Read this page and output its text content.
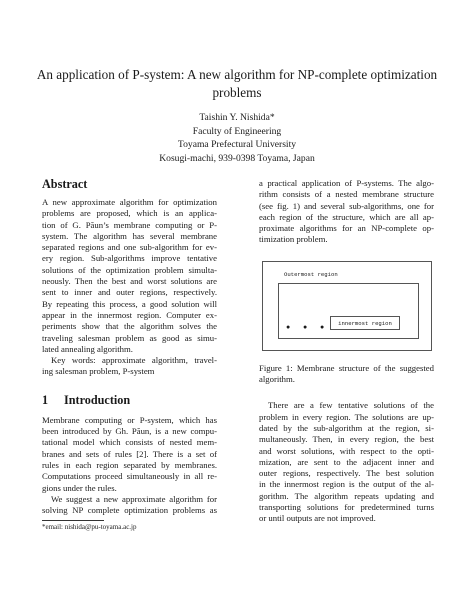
An application of P-system: A new algorithm for NP-complete optimization
problems
Taishin Y. Nishida*
Faculty of Engineering
Toyama Prefectural University
Kosugi-machi, 939-0398 Toyama, Japan
Abstract
A new approximate algorithm for optimization
problems are proposed, which is an applica-
tion of G. Păun’s membrane computing or P-
system. The algorithm has several membrane
separated regions and one sub-algorithm for ev-
ery region. Sub-algorithms improve tentative
solutions of the optimization problem simulta-
neously. Then the best and worst solutions are
sent to inner and outer regions, respectively.
By repeating this process, a good solution will
appear in the innermost region. Computer ex-
periments show that the algorithm solves the
traveling salesman problem as good as simu-
lated annealing algorithm.
Key words: approximate algorithm, travel-
ing salesman problem, P-system
1 Introduction
Membrane computing or P-system, which has
been introduced by Gh. Păun, is a new compu-
tational model which consists of nested mem-
branes and sets of rules [2]. There is a set of
rules in each region separated by membranes.
Computations proceed simultaneously in all re-
gions under the rules.
We suggest a new approximate algorithm for
solving NP complete optimization problems as
*email: nishida@pu-toyama.ac.jp
a practical application of P-systems. The algo-
rithm consists of a nested membrane structure
(see fig. 1) and several sub-algorithms, one for
each region of the structure, which are all ap-
proximate algorithms for an NP-complete op-
timization problem.
Outermost region
● ● ●	innermost region
Figure 1: Membrane structure of the suggested
algorithm.
There are a few tentative solutions of the
problem in every region. The solutions are up-
dated by the sub-algorithm at the region, si-
multaneously. Then, in every region, the best
and worst solutions, with respect to the opti-
mization, are sent to the adjacent inner and
outer regions, respectively. The best solution
in the innermost region is the output of the al-
gorithm. The algorithm repeats updating and
transporting solutions for predetermined turns
or until outputs are not improved.
